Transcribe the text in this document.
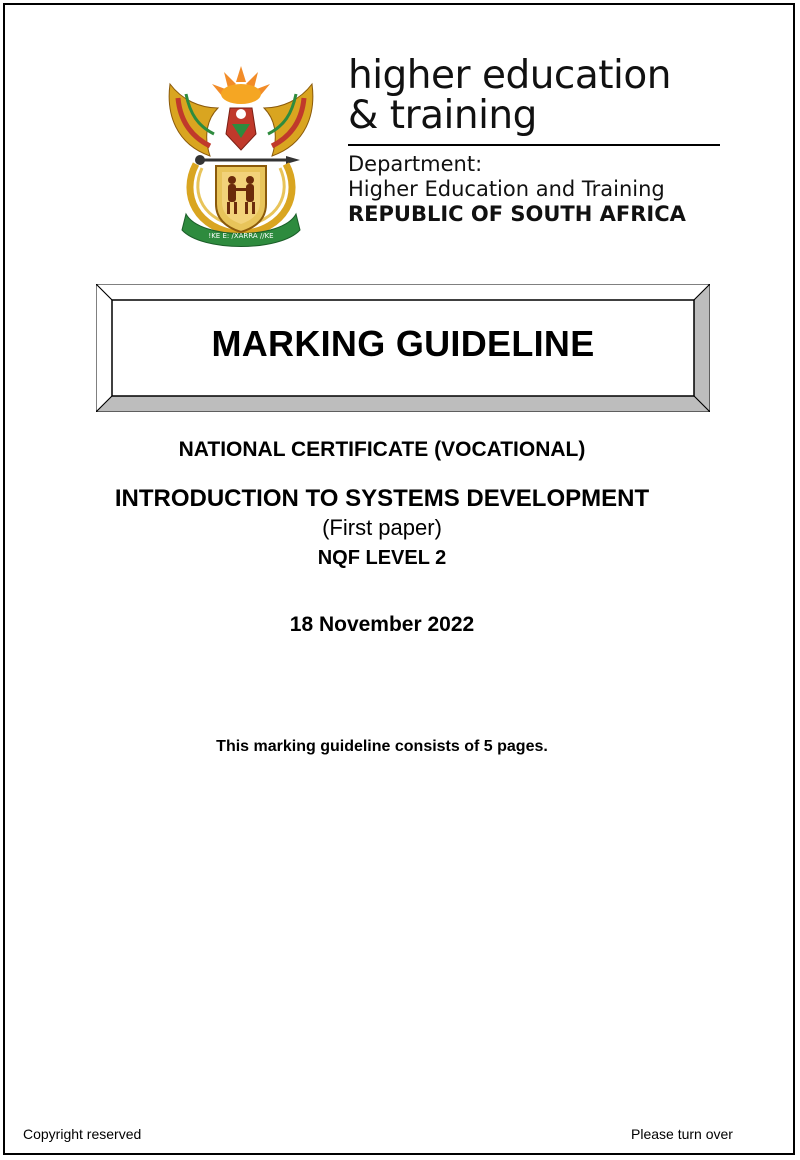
!KE E: /XARRA //KE

higher education

& training

Department:

Higher Education and Training

REPUBLIC OF SOUTH AFRICA

MARKING GUIDELINE
NATIONAL CERTIFICATE (VOCATIONAL)
INTRODUCTION TO SYSTEMS DEVELOPMENT
(First paper)
NQF LEVEL 2
18 November 2022
This marking guideline consists of 5 pages.
Copyright reserved	Please turn over
